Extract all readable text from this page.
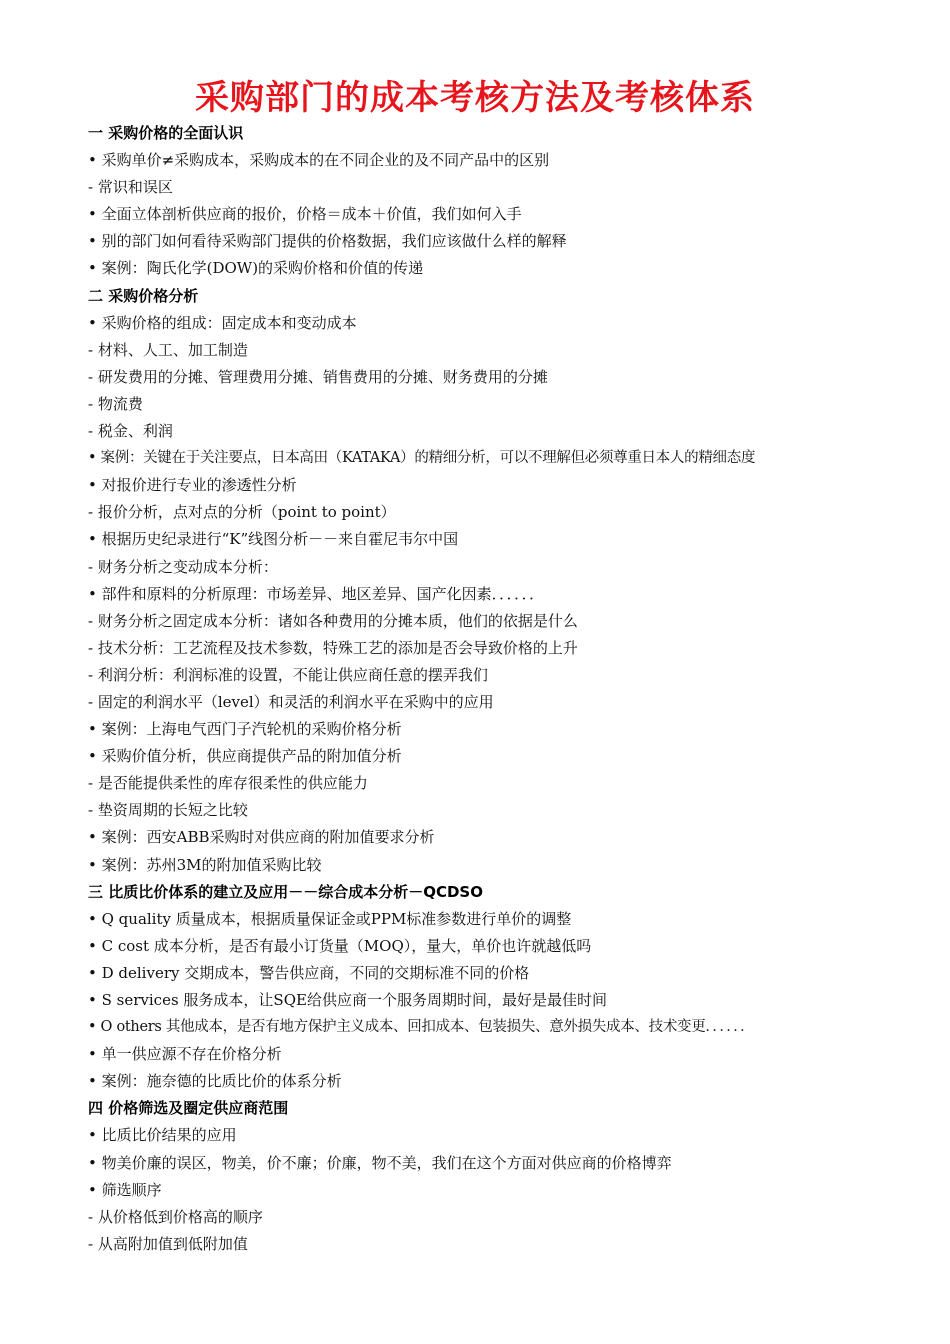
采购部门的成本考核方法及考核体系
一 采购价格的全面认识
• 采购单价≠采购成本，采购成本的在不同企业的及不同产品中的区别
- 常识和误区
• 全面立体剖析供应商的报价，价格＝成本＋价值，我们如何入手
• 别的部门如何看待采购部门提供的价格数据，我们应该做什么样的解释
• 案例：陶氏化学(DOW)的采购价格和价值的传递
二 采购价格分析
• 采购价格的组成：固定成本和变动成本
- 材料、人工、加工制造
- 研发费用的分摊、管理费用分摊、销售费用的分摊、财务费用的分摊
- 物流费
- 税金、利润
• 案例：关键在于关注要点，日本高田（KATAKA）的精细分析，可以不理解但必须尊重日本人的精细态度
• 对报价进行专业的渗透性分析
- 报价分析，点对点的分析（point to point）
• 根据历史纪录进行“K”线图分析－－来自霍尼韦尔中国
- 财务分析之变动成本分析：
• 部件和原料的分析原理：市场差异、地区差异、国产化因素．．．．．．
- 财务分析之固定成本分析：诸如各种费用的分摊本质，他们的依据是什么
- 技术分析：工艺流程及技术参数，特殊工艺的添加是否会导致价格的上升
- 利润分析：利润标准的设置，不能让供应商任意的摆弄我们
- 固定的利润水平（level）和灵活的利润水平在采购中的应用
• 案例：上海电气西门子汽轮机的采购价格分析
• 采购价值分析，供应商提供产品的附加值分析
- 是否能提供柔性的库存很柔性的供应能力
- 垫资周期的长短之比较
• 案例：西安ABB采购时对供应商的附加值要求分析
• 案例：苏州3M的附加值采购比较
三 比质比价体系的建立及应用－－综合成本分析－QCDSO
• Q quality 质量成本，根据质量保证金或PPM标准参数进行单价的调整
• C cost 成本分析，是否有最小订货量（MOQ），量大，单价也许就越低吗
• D delivery 交期成本，警告供应商，不同的交期标准不同的价格
• S services 服务成本，让SQE给供应商一个服务周期时间，最好是最佳时间
• O others 其他成本，是否有地方保护主义成本、回扣成本、包装损失、意外损失成本、技术变更．．．．．．
• 单一供应源不存在价格分析
• 案例：施奈德的比质比价的体系分析
四 价格筛选及圈定供应商范围
• 比质比价结果的应用
• 物美价廉的误区，物美，价不廉；价廉，物不美，我们在这个方面对供应商的价格博弈
• 筛选顺序
- 从价格低到价格高的顺序
- 从高附加值到低附加值
